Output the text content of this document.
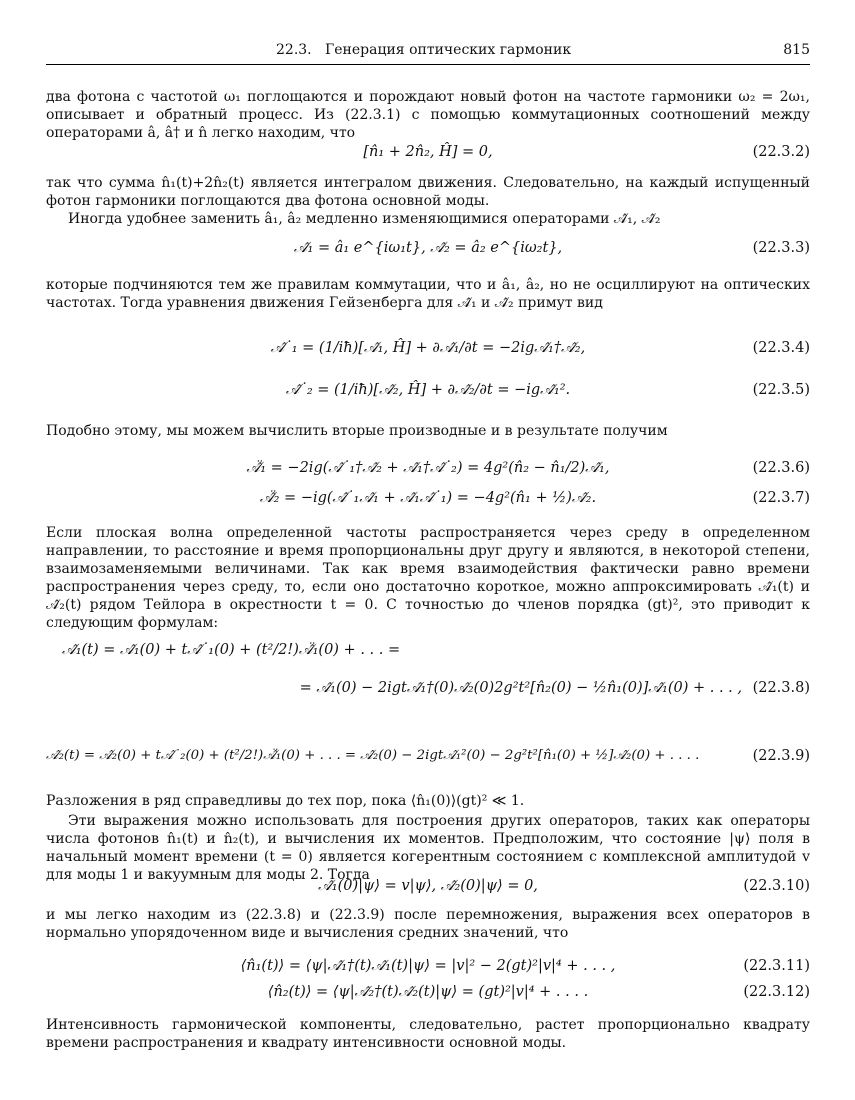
22.3. Генерация оптических гармоник	815
два фотона с частотой ω₁ поглощаются и порождают новый фотон на частоте гармоники ω₂ = 2ω₁, описывает и обратный процесс. Из (22.3.1) с помощью коммутационных соотношений между операторами â, â† и n̂ легко находим, что
[n̂₁ + 2n̂₂, Ĥ] = 0,	(22.3.2)
так что сумма n̂₁(t)+2n̂₂(t) является интегралом движения. Следовательно, на каждый испущенный фотон гармоники поглощаются два фотона основной моды.
Иногда удобнее заменить â₁, â₂ медленно изменяющимися операторами 𝒜̂₁, 𝒜̂₂
𝒜̂₁ = â₁ e^{iω₁t}, 𝒜̂₂ = â₂ e^{iω₂t},	(22.3.3)
которые подчиняются тем же правилам коммутации, что и â₁, â₂, но не осциллируют на оптических частотах. Тогда уравнения движения Гейзенберга для 𝒜̂₁ и 𝒜̂₂ примут вид
𝒜̂˙₁ = (1/iħ)[𝒜̂₁, Ĥ] + ∂𝒜̂₁/∂t = −2ig𝒜̂₁†𝒜̂₂,	(22.3.4)
𝒜̂˙₂ = (1/iħ)[𝒜̂₂, Ĥ] + ∂𝒜̂₂/∂t = −ig𝒜̂₁².	(22.3.5)
Подобно этому, мы можем вычислить вторые производные и в результате получим
𝒜̂̈₁ = −2ig(𝒜̂˙₁†𝒜̂₂ + 𝒜̂₁†𝒜̂˙₂) = 4g²(n̂₂ − n̂₁/2)𝒜̂₁,	(22.3.6)
𝒜̂̈₂ = −ig(𝒜̂˙₁𝒜̂₁ + 𝒜̂₁𝒜̂˙₁) = −4g²(n̂₁ + ½)𝒜̂₂.	(22.3.7)
Если плоская волна определенной частоты распространяется через среду в определенном направлении, то расстояние и время пропорциональны друг другу и являются, в некоторой степени, взаимозаменяемыми величинами. Так как время взаимодействия фактически равно времени распространения через среду, то, если оно достаточно короткое, можно аппроксимировать 𝒜̂₁(t) и 𝒜̂₂(t) рядом Тейлора в окрестности t = 0. С точностью до членов порядка (gt)², это приводит к следующим формулам:
𝒜̂₁(t) = 𝒜̂₁(0) + t𝒜̂˙₁(0) + (t²/2!)𝒜̂̈₁(0) + . . . =
= 𝒜̂₁(0) − 2igt𝒜̂₁†(0)𝒜̂₂(0)2g²t²[n̂₂(0) − ½n̂₁(0)]𝒜̂₁(0) + . . . , (22.3.8)
𝒜̂₂(t) = 𝒜̂₂(0) + t𝒜̂˙₂(0) + (t²/2!)𝒜̂̈₁(0) + . . . = 𝒜̂₂(0) − 2igt𝒜̂₁²(0) − 2g²t²[n̂₁(0) + ½]𝒜̂₂(0) + . . . .	(22.3.9)
Разложения в ряд справедливы до тех пор, пока ⟨n̂₁(0)⟩(gt)² ≪ 1.
Эти выражения можно использовать для построения других операторов, таких как операторы числа фотонов n̂₁(t) и n̂₂(t), и вычисления их моментов. Предположим, что состояние |ψ⟩ поля в начальный момент времени (t = 0) является когерентным состоянием с комплексной амплитудой v для моды 1 и вакуумным для моды 2. Тогда
𝒜̂₁(0)|ψ⟩ = v|ψ⟩, 𝒜̂₂(0)|ψ⟩ = 0,	(22.3.10)
и мы легко находим из (22.3.8) и (22.3.9) после перемножения, выражения всех операторов в нормально упорядоченном виде и вычисления средних значений, что
⟨n̂₁(t)⟩ = ⟨ψ|𝒜̂₁†(t)𝒜̂₁(t)|ψ⟩ = |v|² − 2(gt)²|v|⁴ + . . . ,	(22.3.11)
⟨n̂₂(t)⟩ = ⟨ψ|𝒜̂₂†(t)𝒜̂₂(t)|ψ⟩ = (gt)²|v|⁴ + . . . .	(22.3.12)
Интенсивность гармонической компоненты, следовательно, растет пропорционально квадрату времени распространения и квадрату интенсивности основной моды.
